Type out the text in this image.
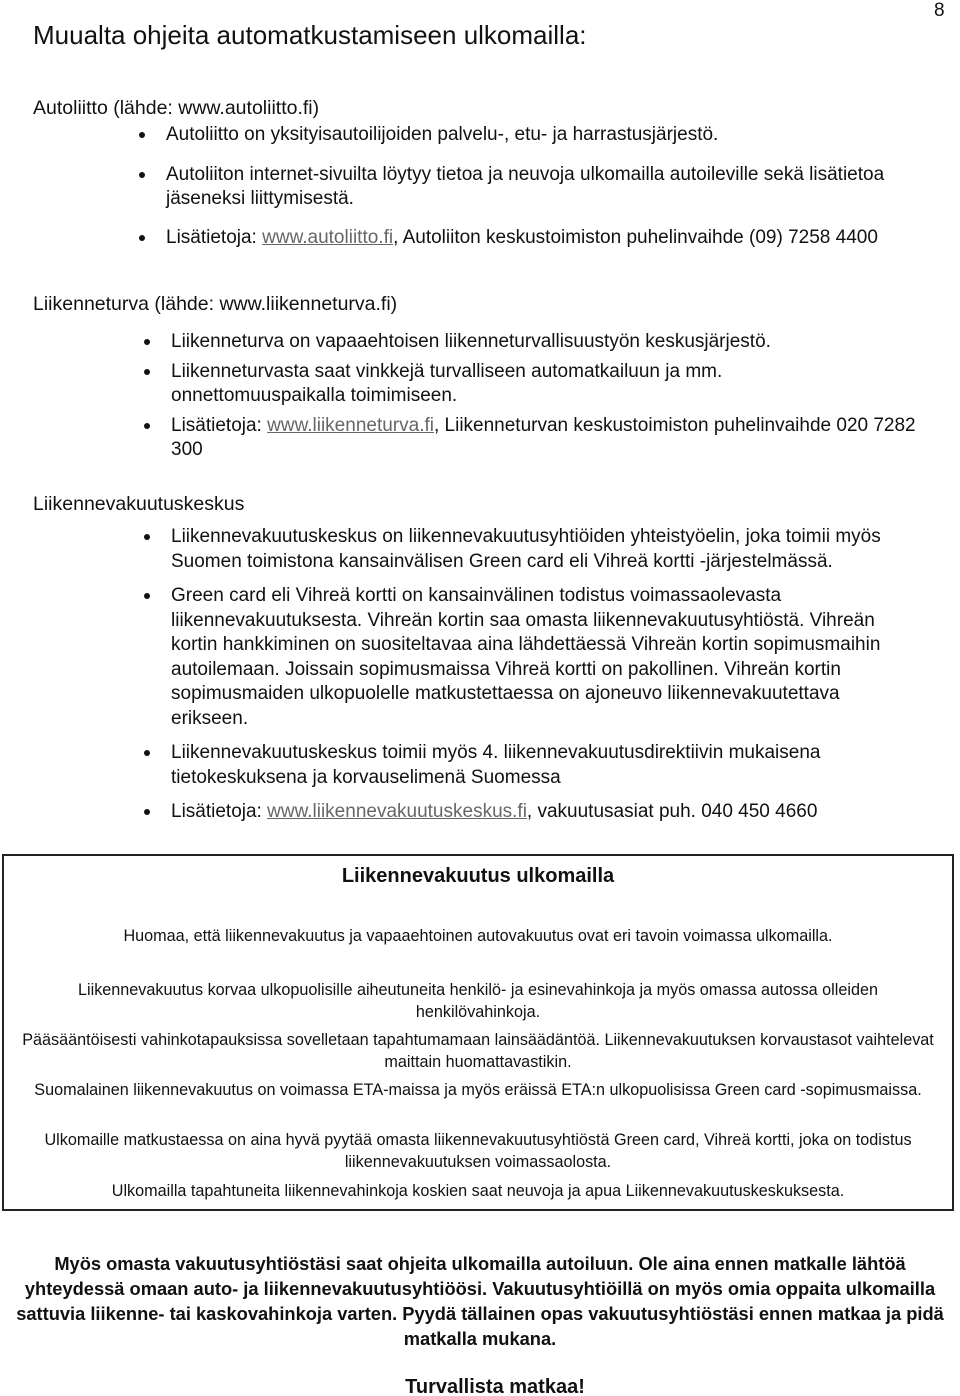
8
Muualta ohjeita automatkustamiseen ulkomailla:
Autoliitto (lähde: www.autoliitto.fi)
Autoliitto on yksityisautoilijoiden palvelu-, etu- ja harrastusjärjestö.
Autoliiton internet-sivuilta löytyy tietoa ja neuvoja ulkomailla autoileville sekä lisätietoa jäseneksi liittymisestä.
Lisätietoja: www.autoliitto.fi, Autoliiton keskustoimiston puhelinvaihde (09) 7258 4400
Liikenneturva (lähde: www.liikenneturva.fi)
Liikenneturva on vapaaehtoisen liikenneturvallisuustyön keskusjärjestö.
Liikenneturvasta saat vinkkejä turvalliseen automatkailuun ja mm. onnettomuuspaikalla toimimiseen.
Lisätietoja: www.liikenneturva.fi, Liikenneturvan keskustoimiston puhelinvaihde 020 7282 300
Liikennevakuutuskeskus
Liikennevakuutuskeskus on liikennevakuutusyhtiöiden yhteistyöelin, joka toimii myös Suomen toimistona kansainvälisen Green card eli Vihreä kortti -järjestelmässä.
Green card eli Vihreä kortti on kansainvälinen todistus voimassaolevasta liikennevakuutuksesta. Vihreän kortin saa omasta liikennevakuutusyhtiöstä. Vihreän kortin hankkiminen on suositeltavaa aina lähdettäessä Vihreän kortin sopimusmaihin autoilemaan. Joissain sopimusmaissa Vihreä kortti on pakollinen. Vihreän kortin sopimusmaiden ulkopuolelle matkustettaessa on ajoneuvo liikennevakuutettava erikseen.
Liikennevakuutuskeskus toimii myös 4. liikennevakuutusdirektiivin mukaisena tietokeskuksena ja korvauselimenä Suomessa
Lisätietoja: www.liikennevakuutuskeskus.fi, vakuutusasiat puh. 040 450 4660
Liikennevakuutus ulkomailla
Huomaa, että liikennevakuutus ja vapaaehtoinen autovakuutus ovat eri tavoin voimassa ulkomailla.
Liikennevakuutus korvaa ulkopuolisille aiheutuneita henkilö- ja esinevahinkoja ja myös omassa autossa olleiden henkilövahinkoja.
Pääsääntöisesti vahinkotapauksissa sovelletaan tapahtumamaan lainsäädäntöä. Liikennevakuutuksen korvaustasot vaihtelevat maittain huomattavastikin.
Suomalainen liikennevakuutus on voimassa ETA-maissa ja myös eräissä ETA:n ulkopuolisissa Green card -sopimusmaissa.
Ulkomaille matkustaessa on aina hyvä pyytää omasta liikennevakuutusyhtiöstä Green card, Vihreä kortti, joka on todistus liikennevakuutuksen voimassaolosta.
Ulkomailla tapahtuneita liikennevahinkoja koskien saat neuvoja ja apua Liikennevakuutuskeskuksesta.
Myös omasta vakuutusyhtiöstäsi saat ohjeita ulkomailla autoiluun. Ole aina ennen matkalle lähtöä yhteydessä omaan auto- ja liikennevakuutusyhtiöösi. Vakuutusyhtiöillä on myös omia oppaita ulkomailla sattuvia liikenne- tai kaskovahinkoja varten. Pyydä tällainen opas vakuutusyhtiöstäsi ennen matkaa ja pidä matkalla mukana.
Turvallista matkaa!
